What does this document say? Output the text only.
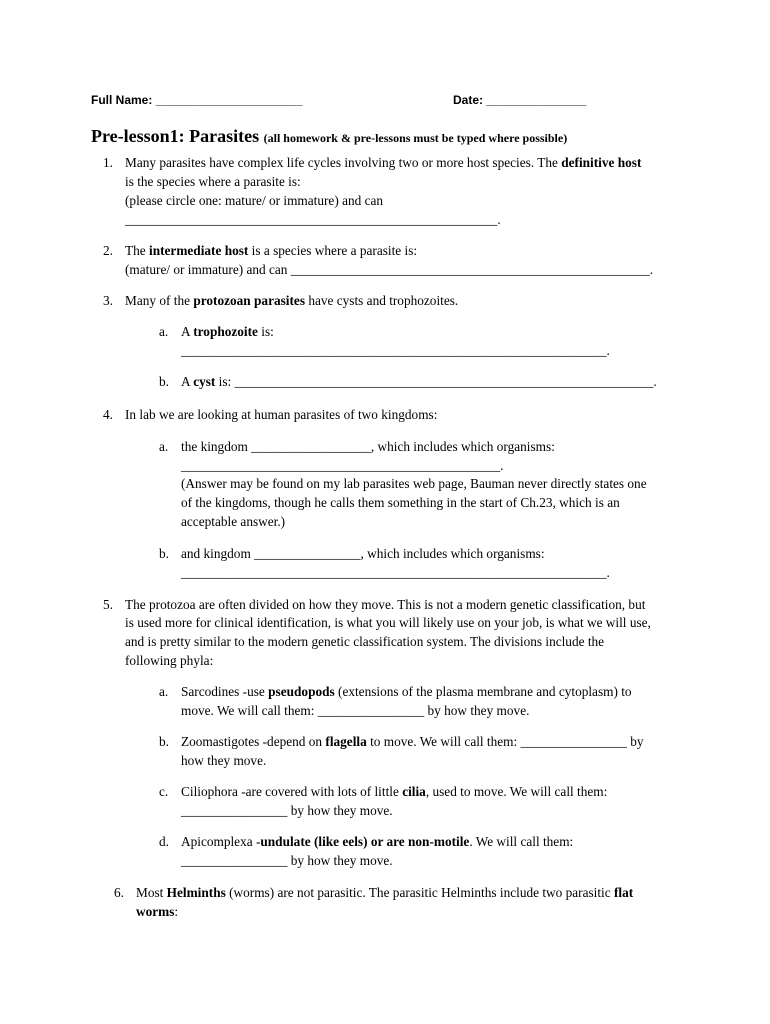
Full Name: ______________________	Date: _______________
Pre-lesson1: Parasites (all homework & pre-lessons must be typed where possible)
1. Many parasites have complex life cycles involving two or more host species. The definitive host
is the species where a parasite is:
(please circle one: mature/ or immature) and can
________________________________________________________.
2. The intermediate host is a species where a parasite is:
(mature/ or immature) and can ______________________________________________________.
3. Many of the protozoan parasites have cysts and trophozoites.
a. A trophozoite is:
________________________________________________________________.
b. A cyst is: _______________________________________________________________.
4. In lab we are looking at human parasites of two kingdoms:
a. the kingdom __________________, which includes which organisms:
________________________________________________.
(Answer may be found on my lab parasites web page, Bauman never directly states one
of the kingdoms, though he calls them something in the start of Ch.23, which is an
acceptable answer.)
b. and kingdom ________________, which includes which organisms:
________________________________________________________________.
5. The protozoa are often divided on how they move. This is not a modern genetic classification, but
is used more for clinical identification, is what you will likely use on your job, is what we will use,
and is pretty similar to the modern genetic classification system. The divisions include the
following phyla:
a. Sarcodines -use pseudopods (extensions of the plasma membrane and cytoplasm) to
move. We will call them: ________________ by how they move.
b. Zoomastigotes -depend on flagella to move. We will call them: ________________ by
how they move.
c. Ciliophora -are covered with lots of little cilia, used to move. We will call them:
________________ by how they move.
d. Apicomplexa -undulate (like eels) or are non-motile. We will call them:
________________ by how they move.
6. Most Helminths (worms) are not parasitic. The parasitic Helminths include two parasitic flat
worms:
